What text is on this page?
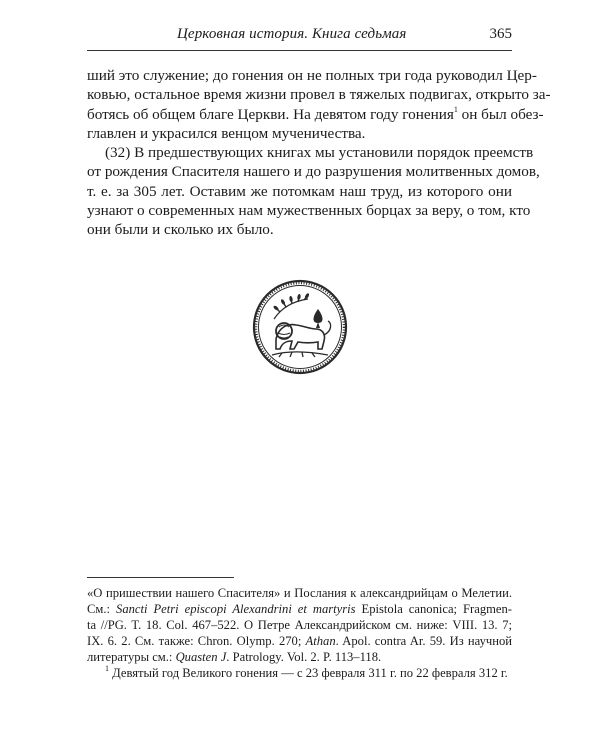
Церковная история. Книга седьмая	365

ший это служение; до гонения он не полных три года руководил Цер- ковью, остальное время жизни провел в тяжелых подвигах, открыто за- ботясь об общем благе Церкви. На девятом году гонения$^1$ он был обез- главлен и украсился венцом мученичества.

(32) В предшествующих книгах мы установили порядок преемств от рождения Спасителя нашего и до разрушения молитвенных домов, т. е. за 305 лет. Оставим же потомкам наш труд, из которого они узнают о современных нам мужественных борцах за веру, о том, кто они были и сколько их было.

«О пришествии нашего Спасителя» и Послания к александрийцам о Мелетии. См.: Sancti Petri episcopi Alexandrini et martyris Epistola canonica; Fragmen- ta //PG. T. 18. Col. 467–522. О Петре Александрийском см. ниже: VIII. 13. 7; IX. 6. 2. См. также: Chron. Olymp. 270; Athan. Apol. contra Ar. 59. Из научной литературы см.: Quasten J. Patrology. Vol. 2. P. 113–118.

$^1$ Девятый год Великого гонения — с 23 февраля 311 г. по 22 февраля 312 г.
